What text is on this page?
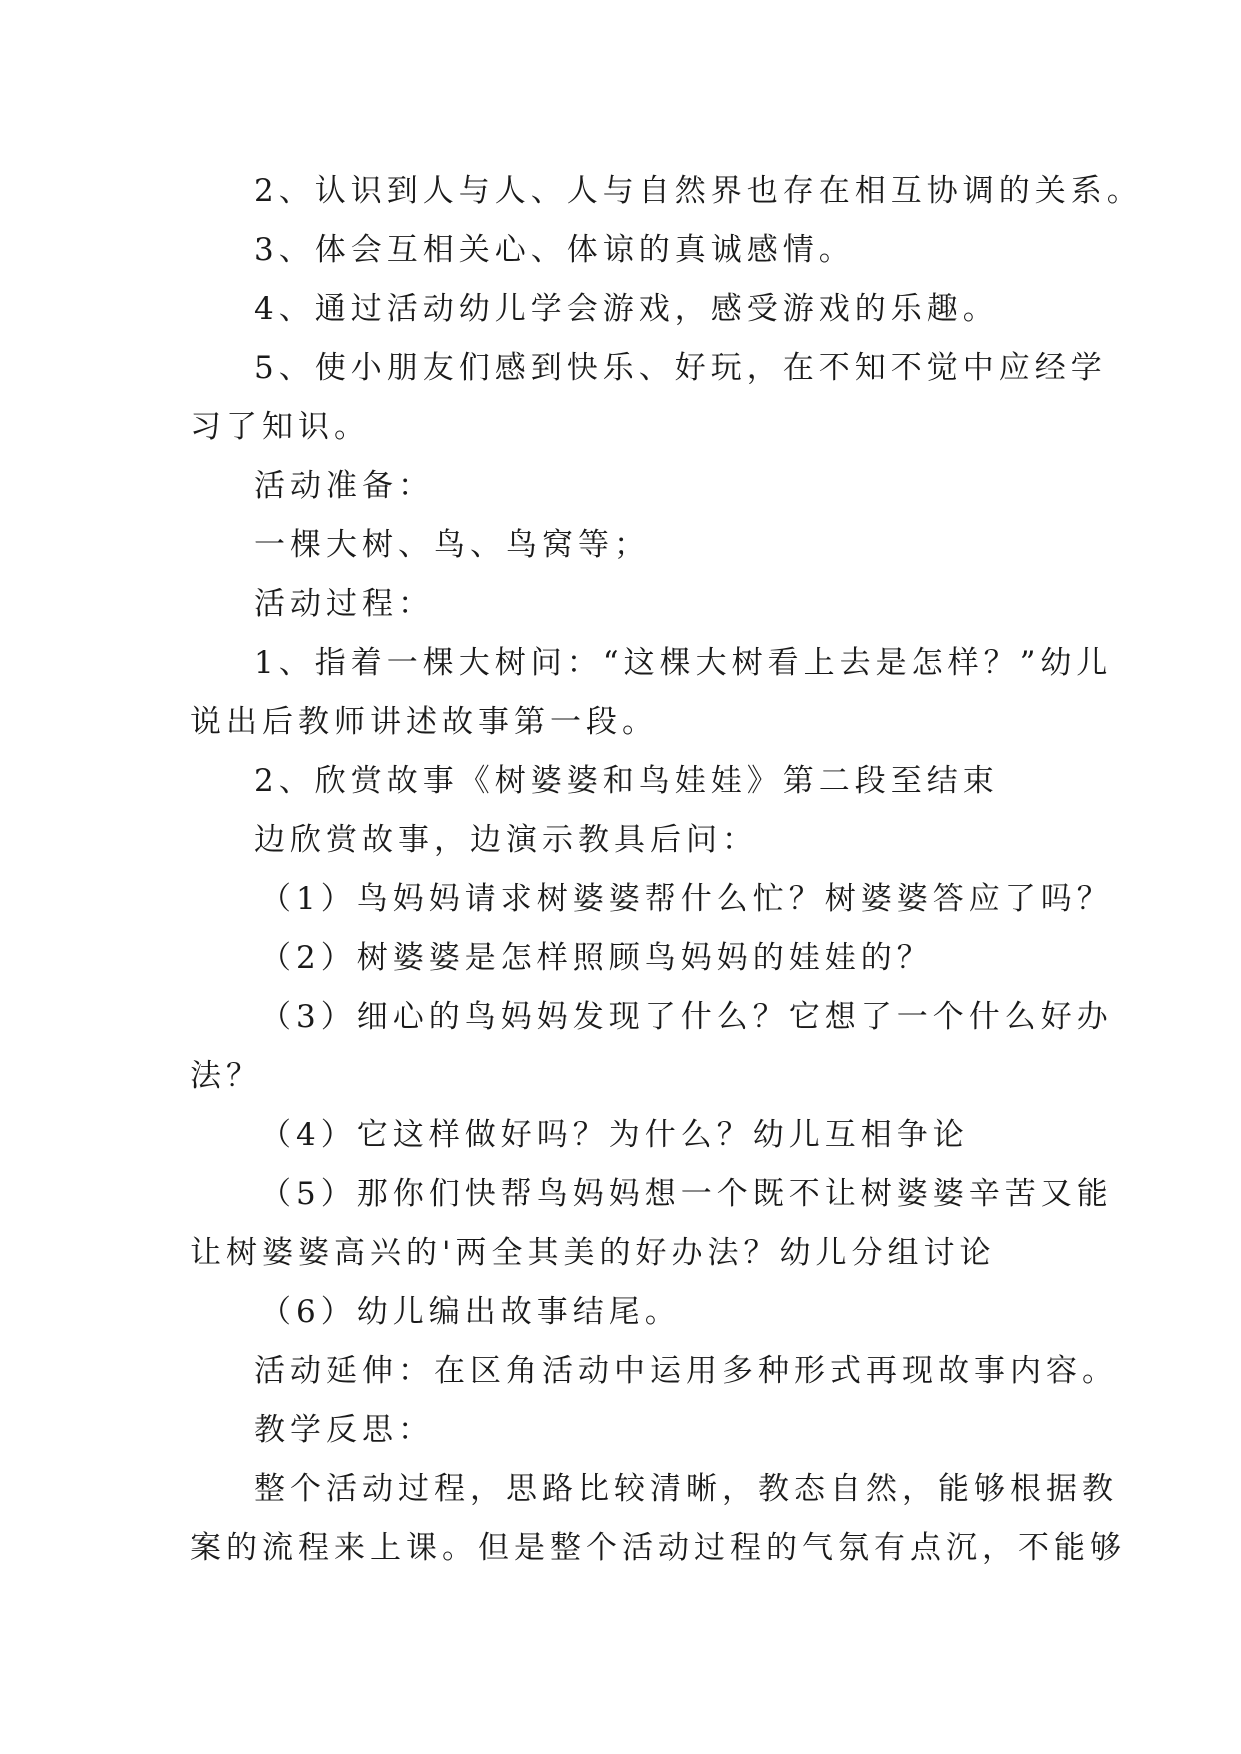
2、认识到人与人、人与自然界也存在相互协调的关系。
3、体会互相关心、体谅的真诚感情。
4、通过活动幼儿学会游戏，感受游戏的乐趣。
5、使小朋友们感到快乐、好玩，在不知不觉中应经学
习了知识。
活动准备：
一棵大树、鸟、鸟窝等；
活动过程：
1、指着一棵大树问：“这棵大树看上去是怎样？”幼儿
说出后教师讲述故事第一段。
2、欣赏故事《树婆婆和鸟娃娃》第二段至结束
边欣赏故事，边演示教具后问：
（1）鸟妈妈请求树婆婆帮什么忙？树婆婆答应了吗？
（2）树婆婆是怎样照顾鸟妈妈的娃娃的？
（3）细心的鸟妈妈发现了什么？它想了一个什么好办
法？
（4）它这样做好吗？为什么？幼儿互相争论
（5）那你们快帮鸟妈妈想一个既不让树婆婆辛苦又能
让树婆婆高兴的'两全其美的好办法？幼儿分组讨论
（6）幼儿编出故事结尾。
活动延伸：在区角活动中运用多种形式再现故事内容。
教学反思：
整个活动过程，思路比较清晰，教态自然，能够根据教
案的流程来上课。但是整个活动过程的气氛有点沉，不能够
